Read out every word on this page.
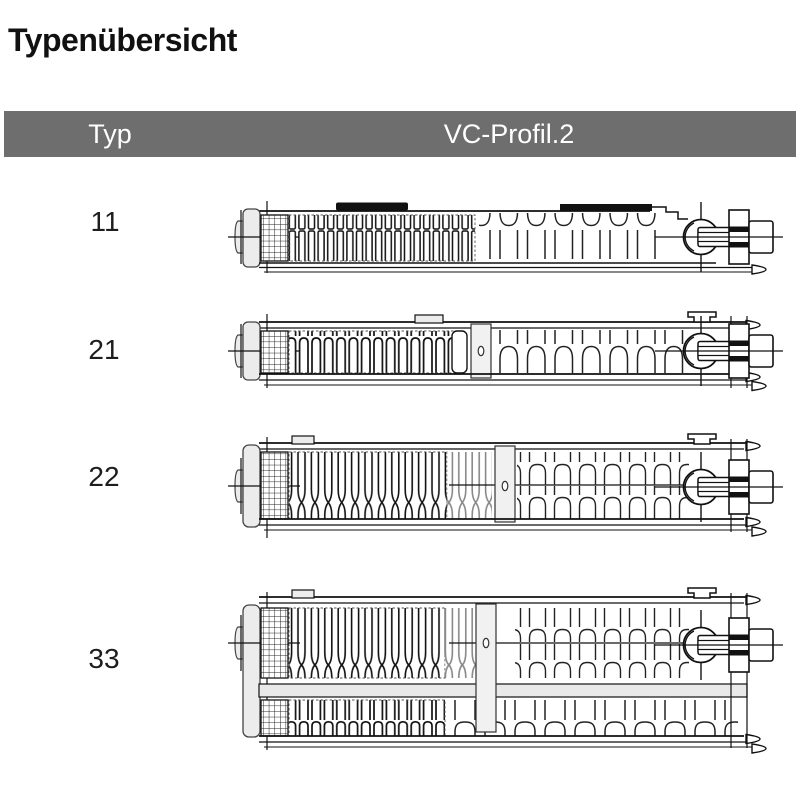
Typenübersicht
Typ	VC-Profil.2
11
21
22
33
